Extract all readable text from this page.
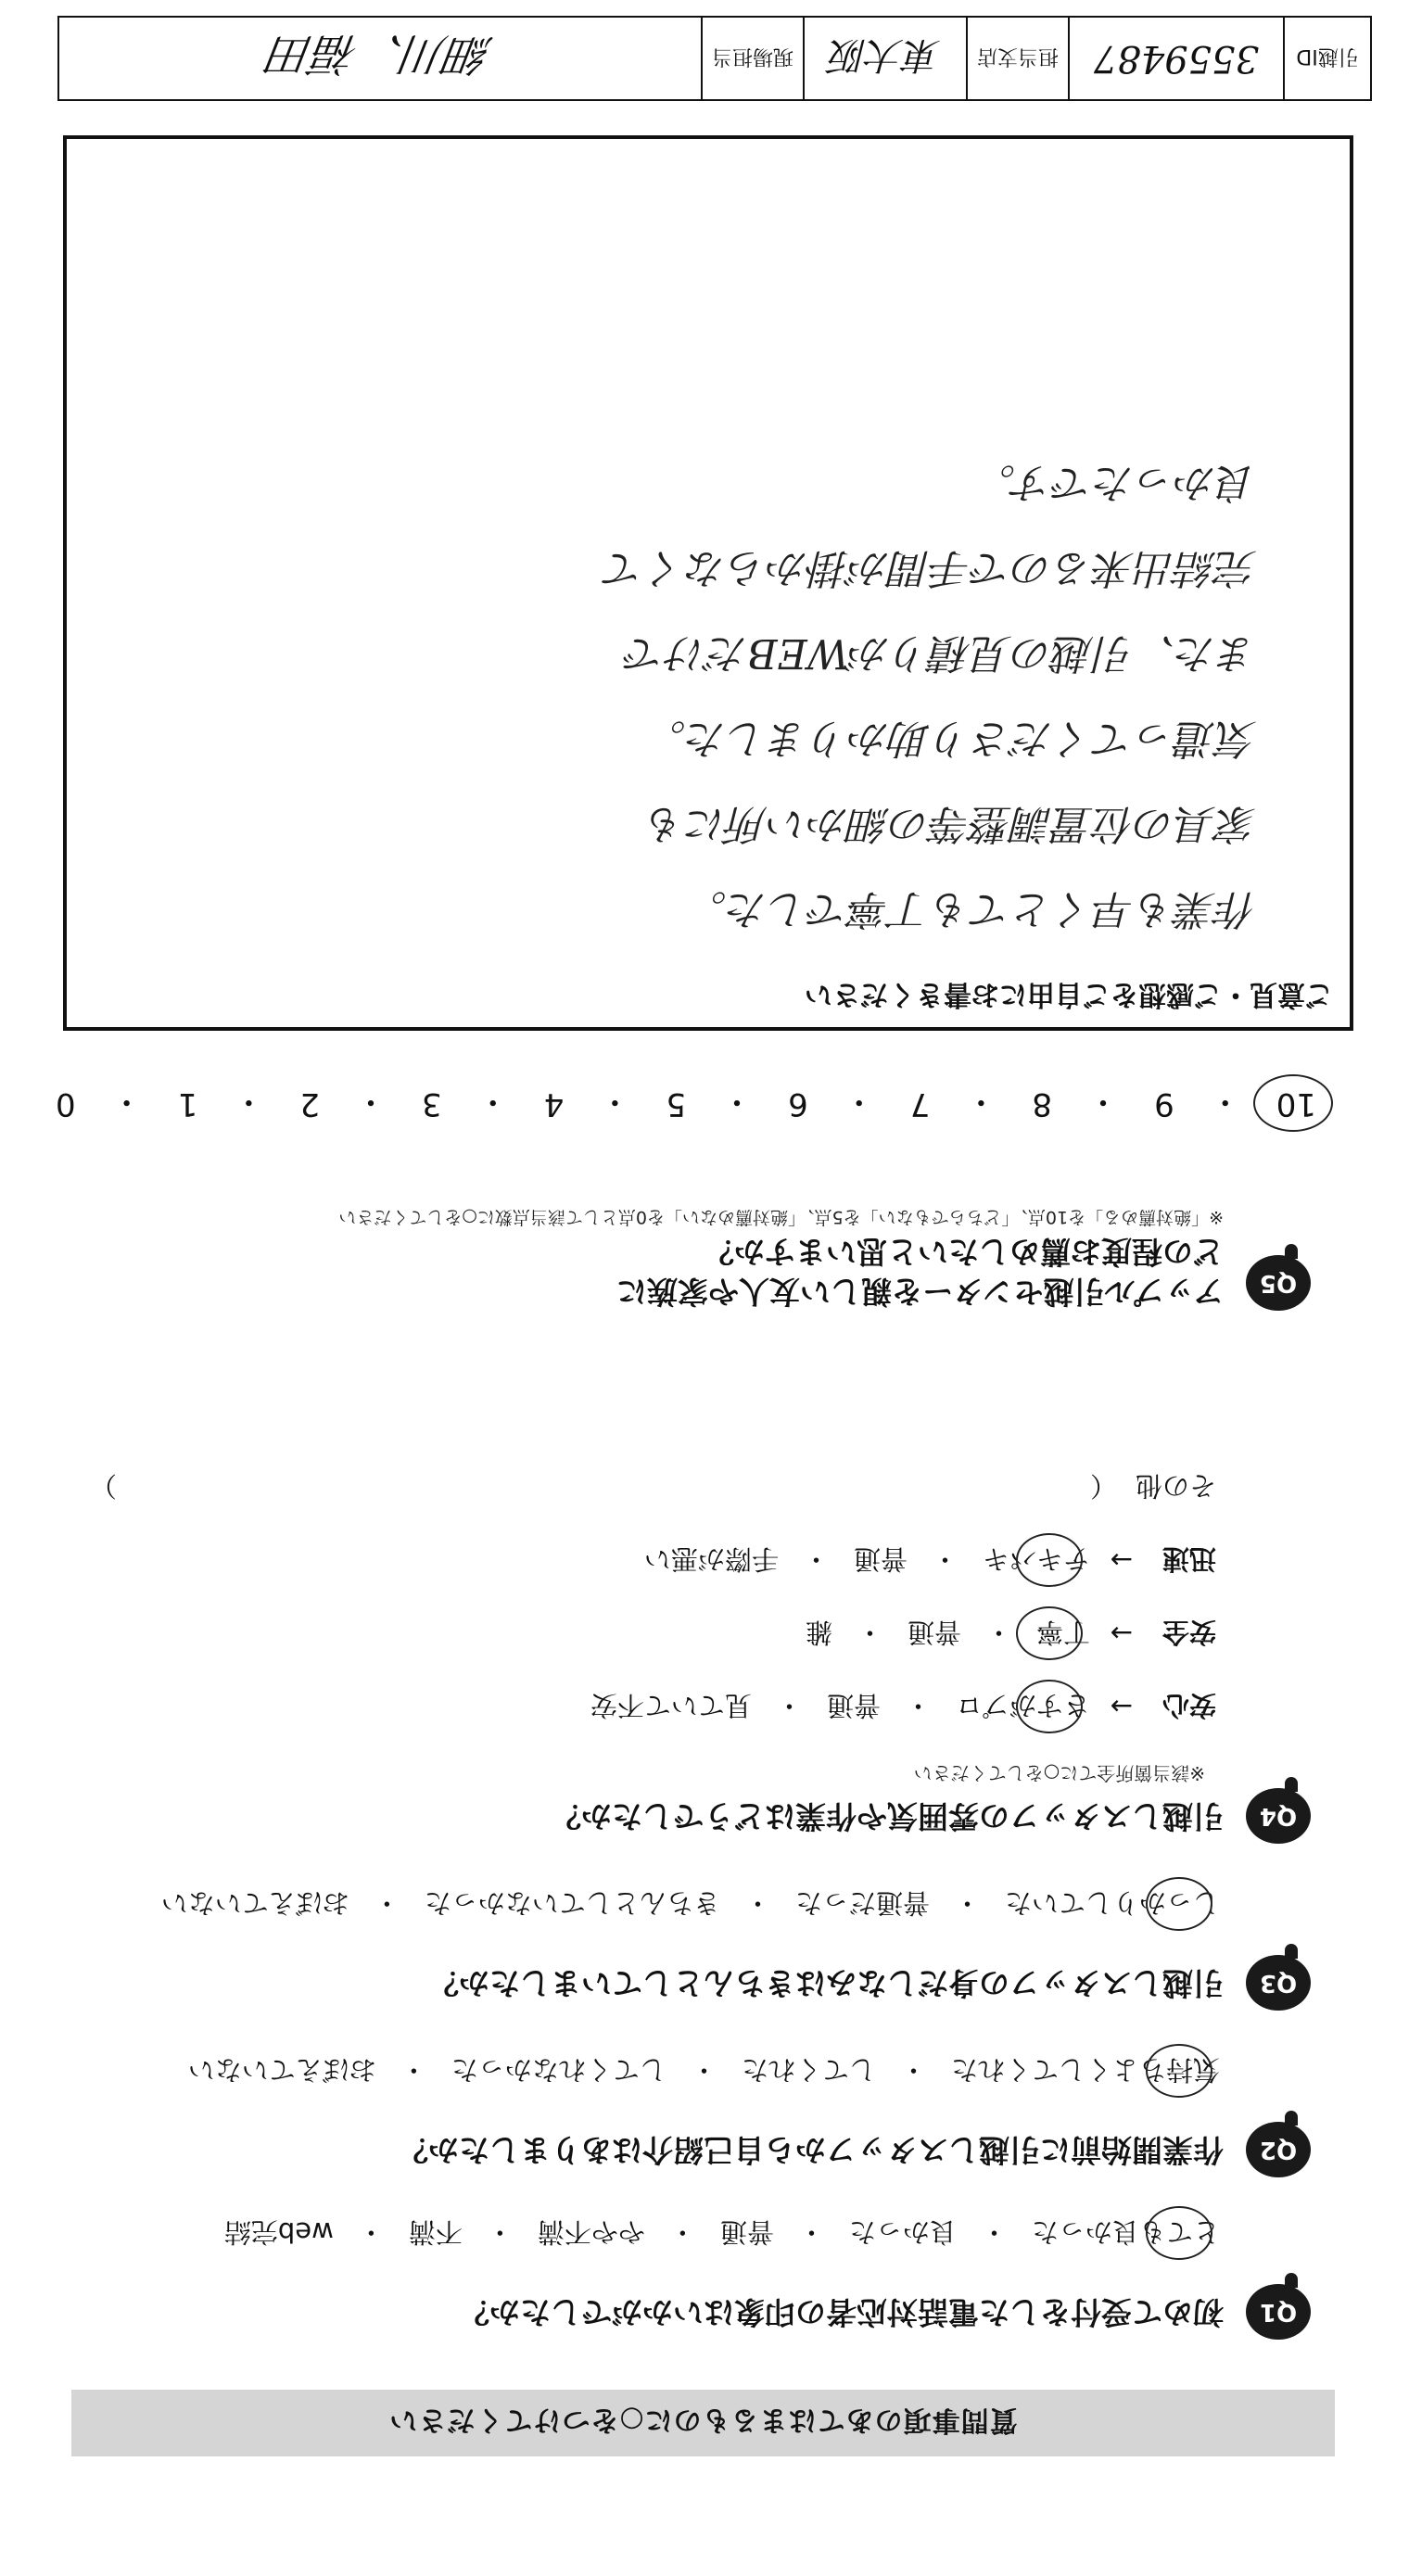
質問事項のあてはまるものに○をつけてください
Q1
初めて受付をした電話対応者の印象はいかがでしたか？
とても良かった
・
良かった
・
普通
・
やや不満
・
不満
・
web完結
Q2
作業開始前に引越しスタッフから自己紹介はありましたか？
気持ちよくしてくれた
・
してくれた
・
してくれなかった
・
おぼえていない
Q3
引越しスタッフの身だしなみはきちんとしていましたか？
しっかりしていた
・
普通だった
・
きちんとしていなかった
・
おぼえていない
Q4
引越しスタッフの雰囲気や作業はどうでしたか？
※該当箇所全てに○をしてください
安心
→
さすがプロ
・
普通
・
見ていて不安
安全
→
丁寧
・
普通
・
雑
迅速
→
テキパキ
・
普通
・
手際が悪い
その他
（
）
Q5
アップル引越センターを親しい友人や家族に
どの程度お薦めしたいと思いますか？
※「絶対薦める」を10点、「どちらでもない」を5点、「絶対薦めない」を0点として該当点数に○をしてください
10
・
9
・
8
・
7
・
6
・
5
・
4
・
3
・
2
・
1
・
0
ご意見・ご感想をご自由にお書きください
作業も早くとても丁寧でした。
家具の位置調整等の細かい所にも
気遣ってくださり助かりました。
また、引越の見積りがWEBだけで
完結出来るので手間が掛からなくて
良かったです。
引越ID
3559487
担当支店
東大阪
現場担当
細川、福田
